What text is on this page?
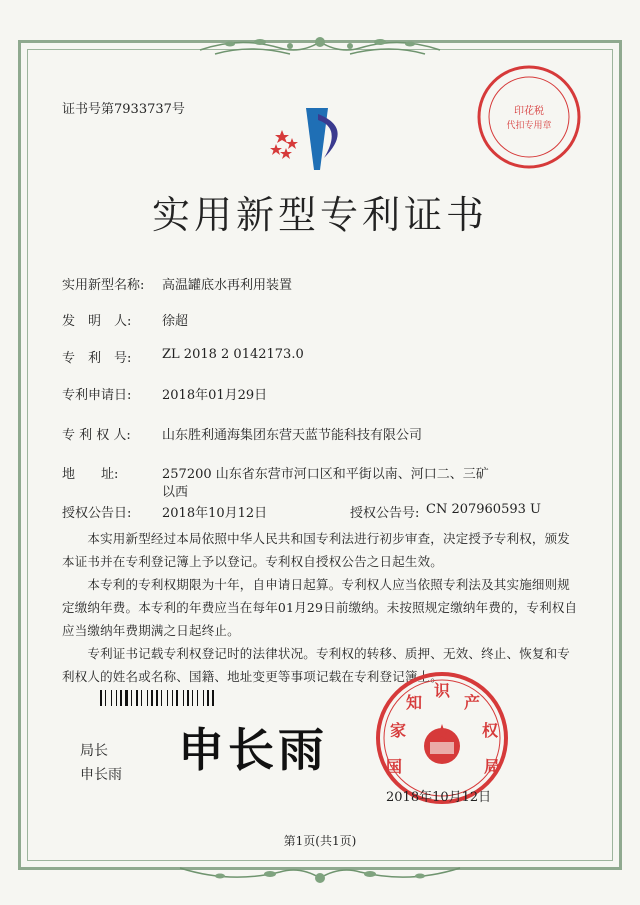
证书号第7933737号	印花税
代扣专用章
实用新型专利证书
实用新型名称: 高温罐底水再利用装置
发　明　人: 徐超
专　利　号: ZL 2018 2 0142173.0
专利申请日: 2018年01月29日
专 利 权 人: 山东胜利通海集团东营天蓝节能科技有限公司
地　　址:	257200 山东省东营市河口区和平街以南、河口二、三矿
以西
授权公告日: 2018年10月12日	授权公告号: CN 207960593 U
　　本实用新型经过本局依照中华人民共和国专利法进行初步审查，决定授予专利权，颁发本证书并在专利登记簿上予以登记。专利权自授权公告之日起生效。
　　本专利的专利权期限为十年，自申请日起算。专利权人应当依照专利法及其实施细则规定缴纳年费。本专利的年费应当在每年01月29日前缴纳。未按照规定缴纳年费的，专利权自应当缴纳年费期满之日起终止。
　　专利证书记载专利权登记时的法律状况。专利权的转移、质押、无效、终止、恢复和专利权人的姓名或名称、国籍、地址变更等事项记载在专利登记簿上。
局长
申长雨 申长雨	国家知 识产权局
2018年10月12日
第1页(共1页)
